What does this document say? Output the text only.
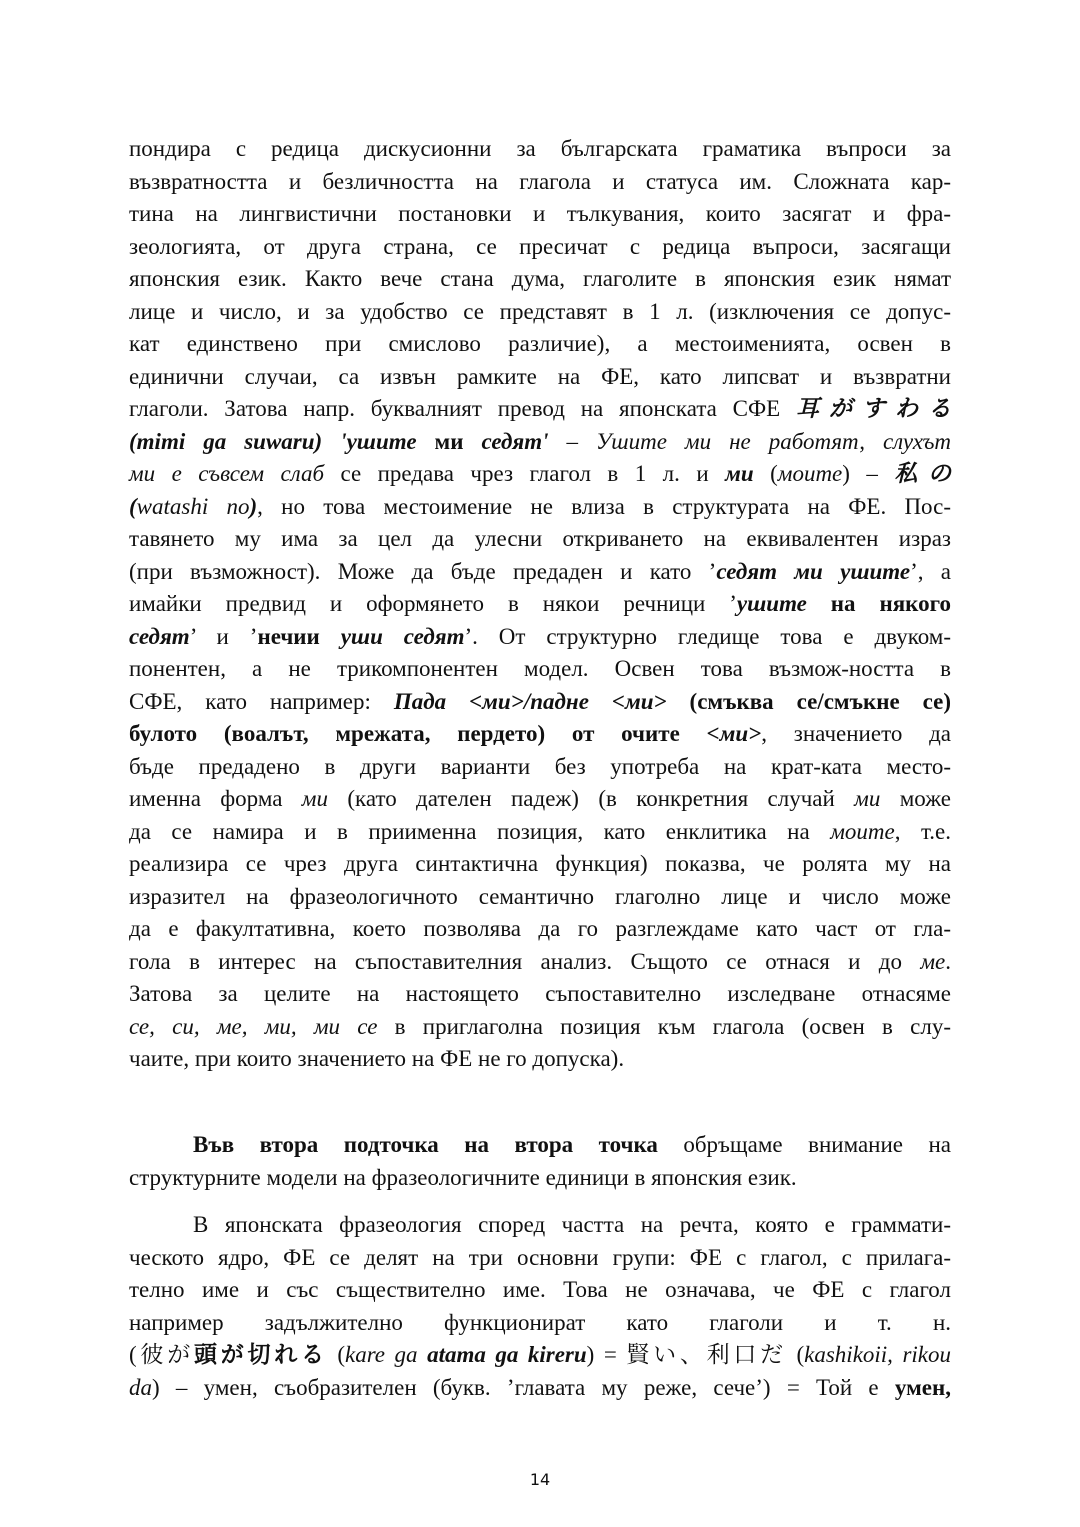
пондира с редица дискусионни за българската граматика въпроси за
възвратността и безличността на глагола и статуса им. Сложната кар-
тина на лингвистични постановки и тълкувания, които засягат и фра-
зеологията, от друга страна, се пресичат с редица въпроси, засягащи
японския език. Както вече стана дума, глаголите в японския език нямат
лице и число, и за удобство се представят в 1 л. (изключения се допус-
кат единствено при смислово различие), а местоименията, освен в
единични случаи, са извън рамките на ФЕ, като липсват и възвратни
глаголи. Затова напр. буквалният превод на японската СФЕ 耳がすわる
(mimi ga suwaru) 'ушите ми седят' – Ушите ми не работят, слухът
ми е съвсем слаб се предава чрез глагол в 1 л. и ми (моите) – 私の
(watashi no), но това местоимение не влиза в структурата на ФЕ. Пос-
тавянето му има за цел да улесни откриването на еквивалентен израз
(при възможност). Може да бъде предаден и като ’седят ми ушите’, а
имайки предвид и оформянето в някои речници ’ушите на някого
седят’ и ’нечии уши седят’. От структурно гледище това е двуком-
понентен, а не трикомпонентен модел. Освен това възмож-ността в
СФЕ, като например: Пада <ми>/падне <ми> (смъква се/смъкне се)
булото (воалът, мрежата, пердето) от очите <ми>, значението да
бъде предадено в други варианти без употреба на крат-ката место-
именна форма ми (като дателен падеж) (в конкретния случай ми може
да се намира и в приименна позиция, като енклитика на моите, т.е.
реализира се чрез друга синтактична функция) показва, че ролята му на
изразител на фразеологичното семантично глаголно лице и число може
да е факултативна, което позволява да го разглеждаме като част от гла-
гола в интерес на съпоставителния анализ. Същото се отнася и до ме.
Затова за целите на настоящето съпоставително изследване отнасяме
се, си, ме, ми, ми се в приглаголна позиция към глагола (освен в слу-
чаите, при които значението на ФЕ не го допуска).
Във втора подточка на втора точка обръщаме внимание на
структурните модели на фразеологичните единици в японския език.
В японската фразеология според частта на речта, която е граммати-
ческото ядро, ФЕ се делят на три основни групи: ФЕ с глагол, с прилага-
телно име и със съществително име. Това не означава, че ФЕ с глагол
например задължително функционират като глаголи и т. н.
(彼が頭が切れる (kare ga atama ga kireru) = 賢い、利口だ (kashikoii, rikou
da) – умен, съобразителен (букв. ’главата му реже, сече’) = Той е умен,
14
